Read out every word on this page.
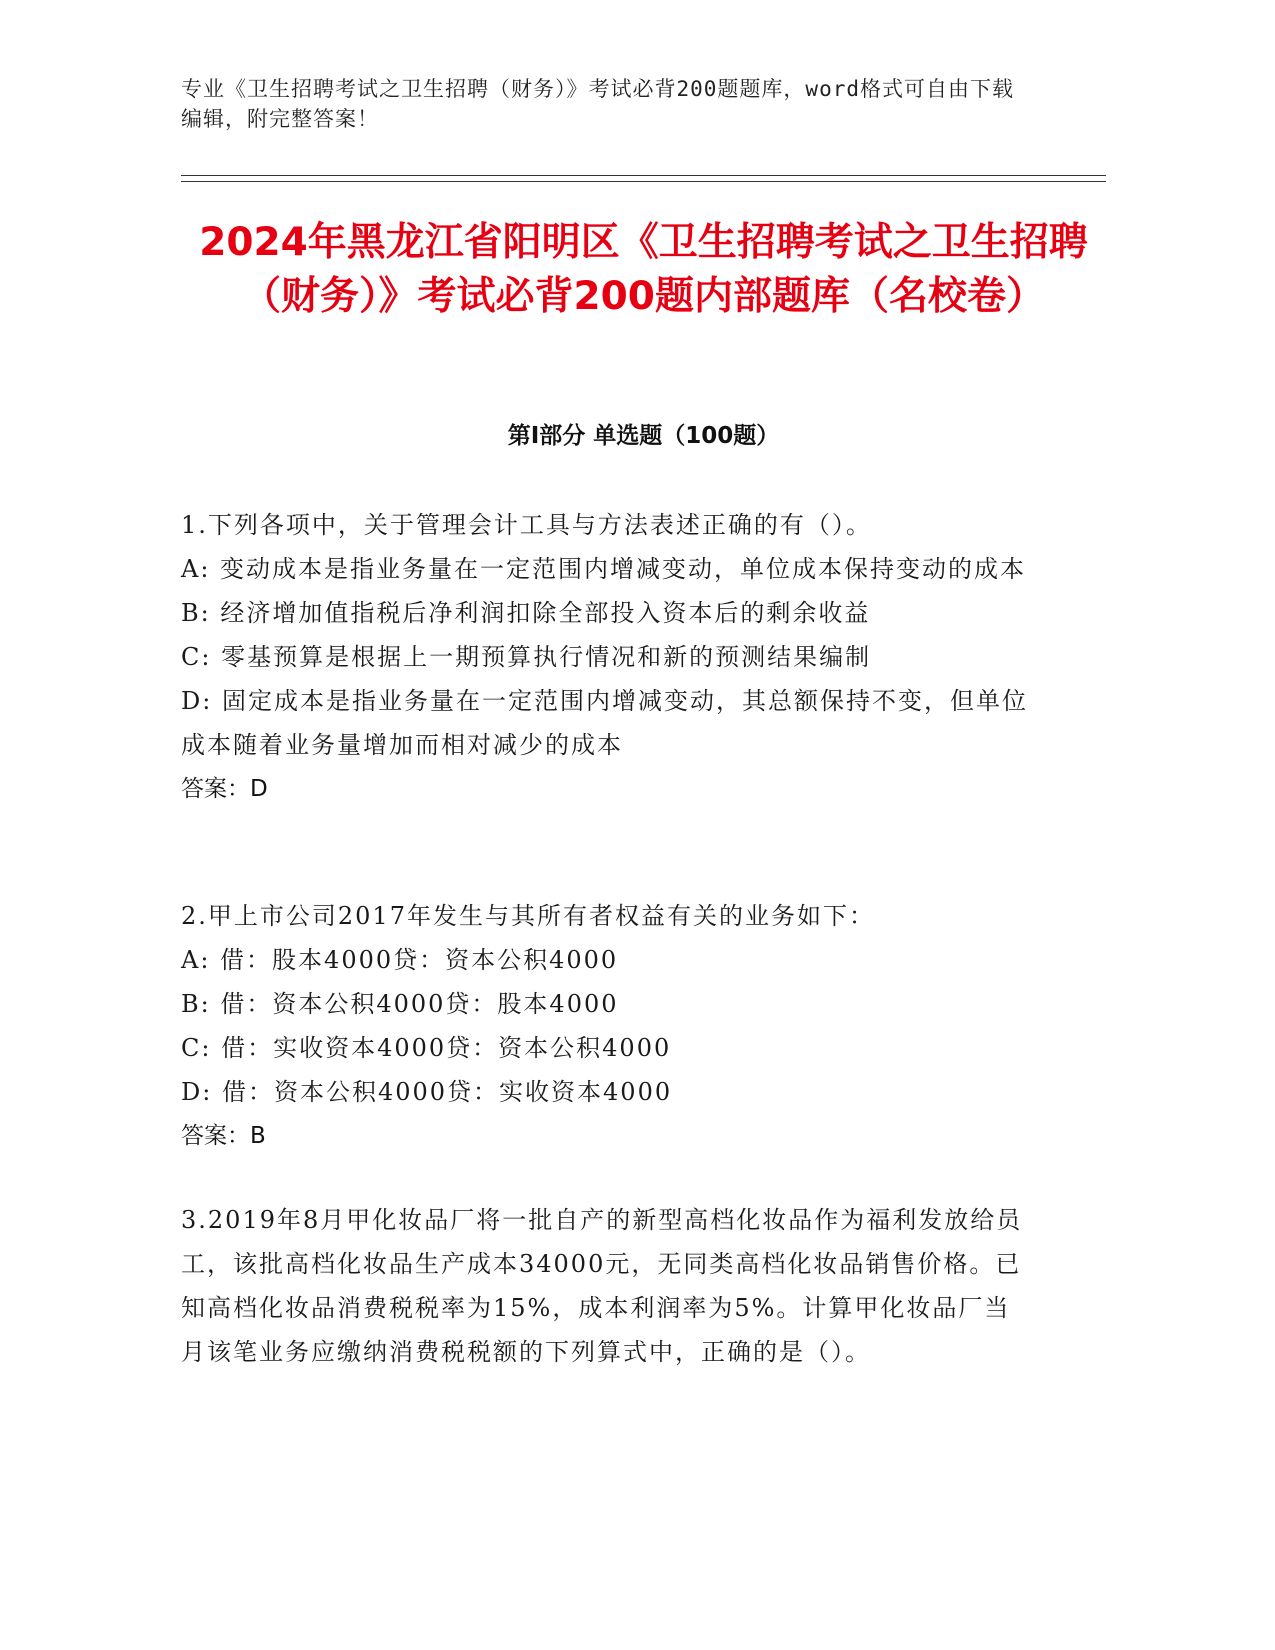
专业《卫生招聘考试之卫生招聘（财务）》考试必背200题题库，word格式可自由下载编辑，附完整答案！
2024年黑龙江省阳明区《卫生招聘考试之卫生招聘（财务）》考试必背200题内部题库（名校卷）
第I部分 单选题（100题）
1.下列各项中，关于管理会计工具与方法表述正确的有（）。
A: 变动成本是指业务量在一定范围内增减变动，单位成本保持变动的成本
B: 经济增加值指税后净利润扣除全部投入资本后的剩余收益
C: 零基预算是根据上一期预算执行情况和新的预测结果编制
D: 固定成本是指业务量在一定范围内增减变动，其总额保持不变，但单位成本随着业务量增加而相对减少的成本
答案：D
2.甲上市公司2017年发生与其所有者权益有关的业务如下：
A: 借：股本4000贷：资本公积4000
B: 借：资本公积4000贷：股本4000
C: 借：实收资本4000贷：资本公积4000
D: 借：资本公积4000贷：实收资本4000
答案：B
3.2019年8月甲化妆品厂将一批自产的新型高档化妆品作为福利发放给员工，该批高档化妆品生产成本34000元，无同类高档化妆品销售价格。已知高档化妆品消费税税率为15%，成本利润率为5%。计算甲化妆品厂当月该笔业务应缴纳消费税税额的下列算式中，正确的是（）。
